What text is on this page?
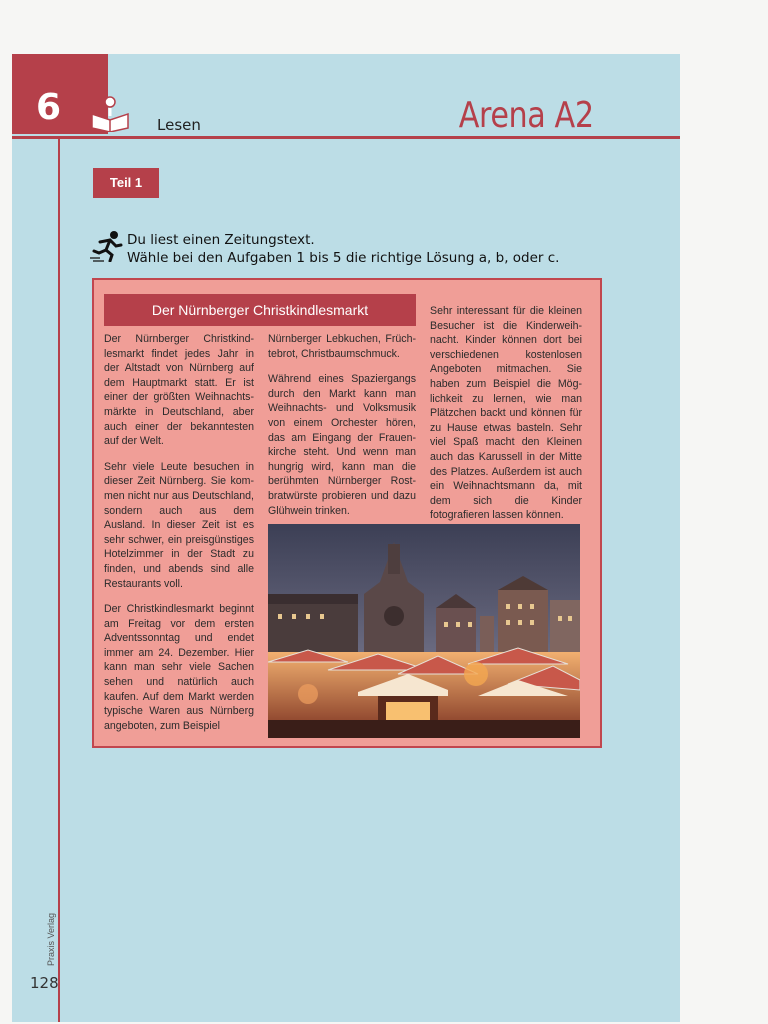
6	Lesen	Arena A2
Teil 1
Du liest einen Zeitungstext.
Wähle bei den Aufgaben 1 bis 5 die richtige Lösung a, b, oder c.
Der Nürnberger Christkindlesmarkt

Der Nürnberger Christkindlesmarkt findet jedes Jahr in der Altstadt von Nürnberg auf dem Hauptmarkt statt. Er ist einer der größten Weihnachtsmärkte in Deutschland, aber auch einer der bekanntesten auf der Welt.

Sehr viele Leute besuchen in dieser Zeit Nürnberg. Sie kommen nicht nur aus Deutschland, sondern auch aus dem Ausland. In dieser Zeit ist es sehr schwer, ein preisgünstiges Hotelzimmer in der Stadt zu finden, und abends sind alle Restaurants voll.

Der Christkindlesmarkt beginnt am Freitag vor dem ersten Adventssonntag und endet immer am 24. Dezember. Hier kann man sehr viele Sachen sehen und natürlich auch kaufen. Auf dem Markt werden typische Waren aus Nürnberg angeboten, zum Beispiel

Nürnberger Lebkuchen, Früchtebrot, Christbaumschmuck.

Während eines Spaziergangs durch den Markt kann man Weihnachts- und Volksmusik von einem Orchester hören, das am Eingang der Frauenkirche steht. Und wenn man hungrig wird, kann man die berühmten Nürnberger Rostbratwürste probieren und dazu Glühwein trinken.

Sehr interessant für die kleinen Besucher ist die Kinderweihnacht. Kinder können dort bei verschiedenen kostenlosen Angeboten mitmachen. Sie haben zum Beispiel die Möglichkeit zu lernen, wie man Plätzchen backt und können für zu Hause etwas basteln. Sehr viel Spaß macht den Kleinen auch das Karussell in der Mitte des Platzes. Außerdem ist auch ein Weihnachtsmann da, mit dem sich die Kinder fotografieren lassen können.

Praxis Verlag
128
